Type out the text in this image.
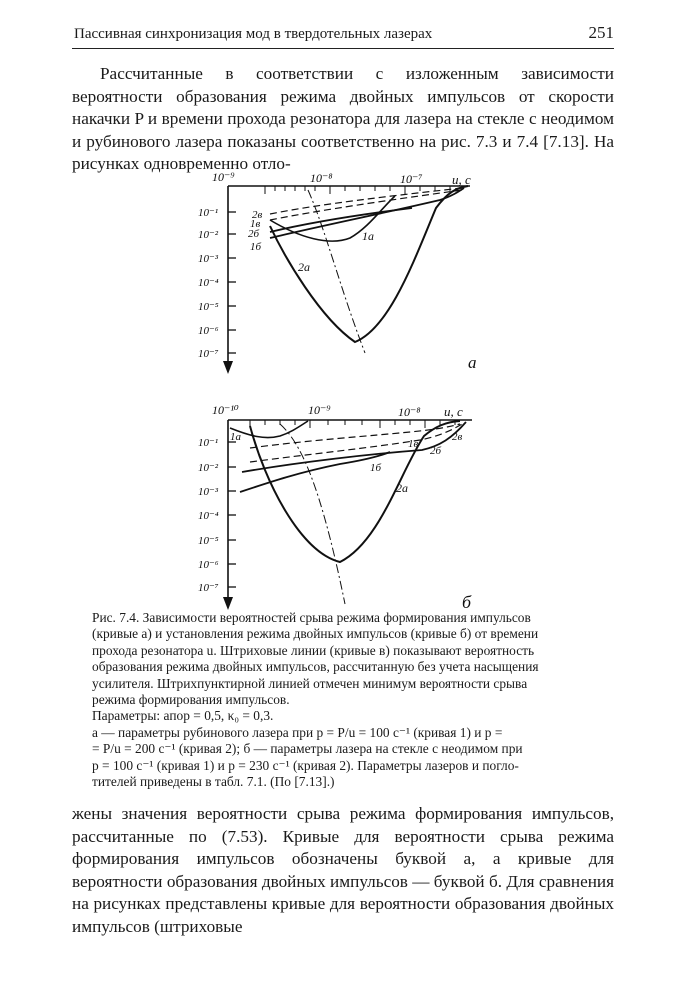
Пассивная синхронизация мод в твердотельных лазерах	251

Рассчитанные в соответствии с изложенным зависимости вероятности образования режима двойных импульсов от скорости накачки P и времени прохода резонатора для лазера на стекле с неодимом и рубинового лазера показаны соответственно на рис. 7.3 и 7.4 [7.13]. На рисунках одновременно отло-

10⁻⁹	10⁻⁸	10⁻⁷ u, c
10⁻¹
10⁻²
10⁻³
10⁻⁴
10⁻⁵
10⁻⁶
10⁻⁷
2в
1в
2б
1б
1а
2а
a
10⁻¹⁰	10⁻⁹	10⁻⁸ u, c
10⁻¹
10⁻²
10⁻³
10⁻⁴
10⁻⁵
10⁻⁶
10⁻⁷
1а
1в
2в
2б
1б
2а
б
Рис. 7.4. Зависимости вероятностей срыва режима формирования импульсов
(кривые а) и установления режима двойных импульсов (кривые б) от времени
прохода резонатора u. Штриховые линии (кривые в) показывают вероятность
образования режима двойных импульсов, рассчитанную без учета насыщения
усилителя. Штрихпунктирной линией отмечен минимум вероятности срыва
режима формирования импульсов.
Параметры: aпор = 0,5, κ₀ = 0,3.
а — параметры рубинового лазера при p = P/u = 100 с⁻¹ (кривая 1) и p =
= P/u = 200 с⁻¹ (кривая 2); б — параметры лазера на стекле с неодимом при
p = 100 с⁻¹ (кривая 1) и p = 230 с⁻¹ (кривая 2). Параметры лазеров и погло-
тителей приведены в табл. 7.1. (По [7.13].)

жены значения вероятности срыва режима формирования импульсов, рассчитанные по (7.53). Кривые для вероятности срыва режима формирования импульсов обозначены буквой а, а кривые для вероятности образования двойных импульсов — буквой б. Для сравнения на рисунках представлены кривые для вероятности образования двойных импульсов (штриховые
